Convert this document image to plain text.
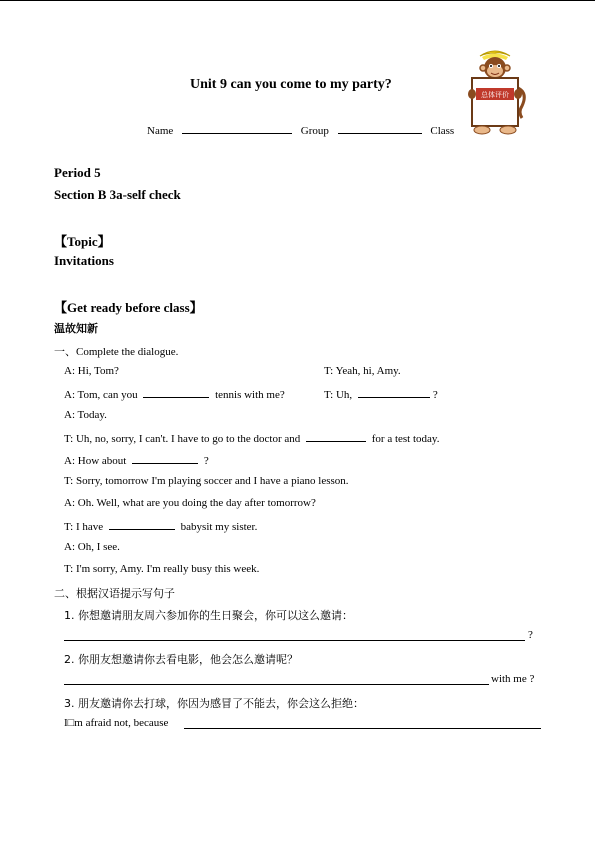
Unit 9 can you come to my party?
Name	Group	Class
总体评价
Period 5
Section B 3a-self check
【Topic】
Invitations
【Get ready before class】
温故知新
一、Complete the dialogue.
A: Hi, Tom?	T: Yeah, hi, Amy.
A: Tom, can you	tennis with me?	T: Uh,	?
A: Today.
T: Uh, no, sorry, I can't. I have to go to the doctor and	for a test today.
A: How about	?
T: Sorry, tomorrow I'm playing soccer and I have a piano lesson.
A: Oh. Well, what are you doing the day after tomorrow?
T: I have	babysit my sister.
A: Oh, I see.
T: I'm sorry, Amy. I'm really busy this week.
二、根据汉语提示写句子
1. 你想邀请朋友周六参加你的生日聚会，你可以这么邀请：
?
2. 你朋友想邀请你去看电影，他会怎么邀请呢？
with me ?
3. 朋友邀请你去打球，你因为感冒了不能去，你会这么拒绝：
I□m afraid not, because
